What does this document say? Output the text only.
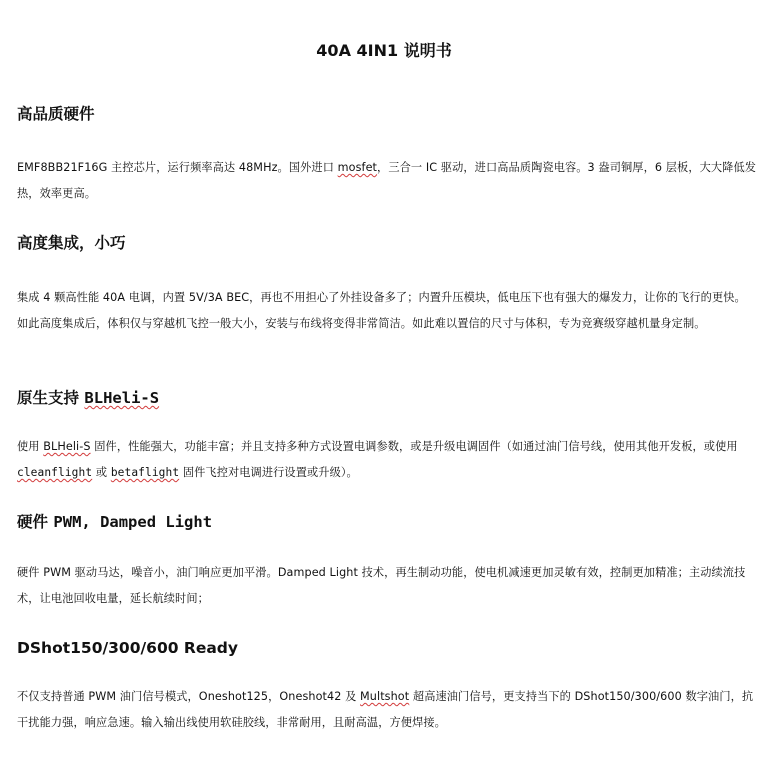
40A 4IN1 说明书
高品质硬件

EMF8BB21F16G 主控芯片，运行频率高达 48MHz。国外进口 mosfet，三合一 IC 驱动，进口高品质陶瓷电容。3 盎司铜厚，6 层板，大大降低发热，效率更高。

高度集成，小巧

集成 4 颗高性能 40A 电调，内置 5V/3A BEC，再也不用担心了外挂设备多了；内置升压模块，低电压下也有强大的爆发力，让你的飞行的更快。如此高度集成后，体积仅与穿越机飞控一般大小，安装与布线将变得非常简洁。如此难以置信的尺寸与体积，专为竞赛级穿越机量身定制。

原生支持 BLHeli-S

使用 BLHeli-S 固件，性能强大，功能丰富；并且支持多种方式设置电调参数，或是升级电调固件（如通过油门信号线，使用其他开发板，或使用 cleanflight 或 betaflight 固件飞控对电调进行设置或升级）。

硬件 PWM, Damped Light

硬件 PWM 驱动马达，噪音小，油门响应更加平滑。Damped Light 技术，再生制动功能，使电机减速更加灵敏有效，控制更加精准；主动续流技术，让电池回收电量，延长航续时间；

DShot150/300/600 Ready

不仅支持普通 PWM 油门信号模式，Oneshot125，Oneshot42 及 Multshot 超高速油门信号，更支持当下的 DShot150/300/600 数字油门，抗干扰能力强，响应急速。输入输出线使用软硅胶线，非常耐用，且耐高温，方便焊接。
